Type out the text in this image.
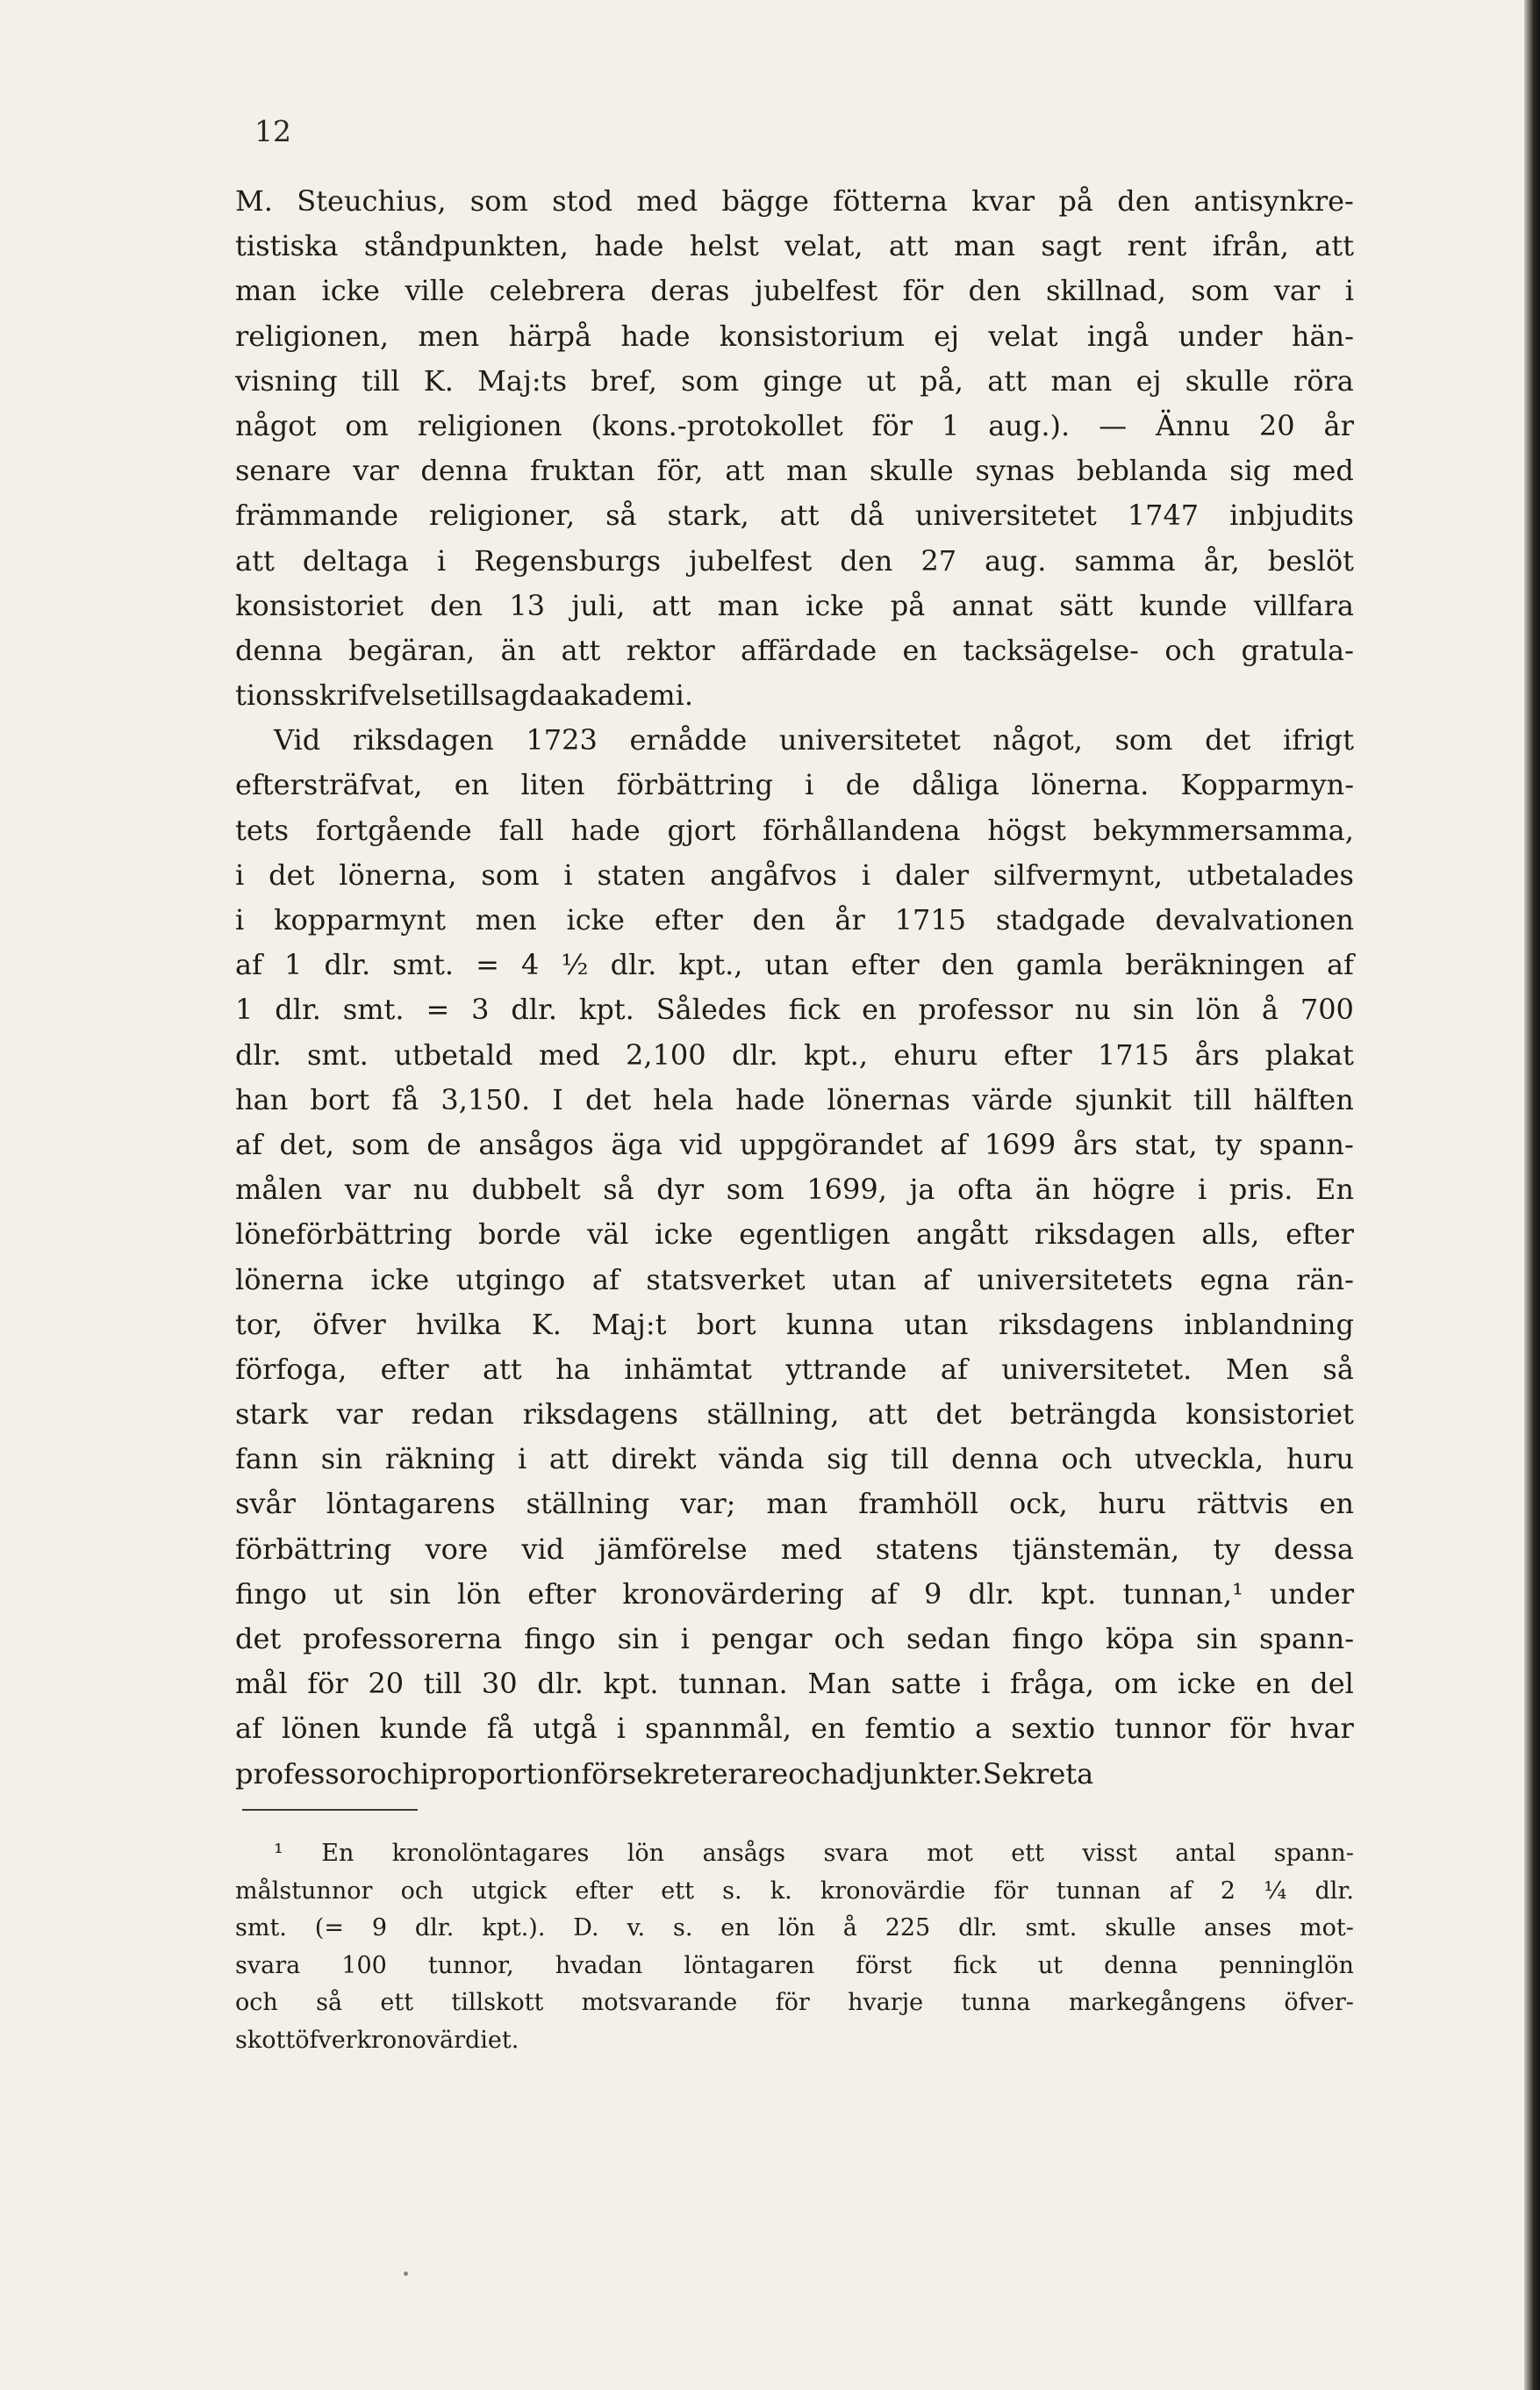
12
M. Steuchius, som stod med bägge fötterna kvar på den antisynkre-
tistiska ståndpunkten, hade helst velat, att man sagt rent ifrån, att
man icke ville celebrera deras jubelfest för den skillnad, som var i
religionen, men härpå hade konsistorium ej velat ingå under hän-
visning till K. Maj:ts bref, som ginge ut på, att man ej skulle röra
något om religionen (kons.-protokollet för 1 aug.). — Ännu 20 år
senare var denna fruktan för, att man skulle synas beblanda sig med
främmande religioner, så stark, att då universitetet 1747 inbjudits
att deltaga i Regensburgs jubelfest den 27 aug. samma år, beslöt
konsistoriet den 13 juli, att man icke på annat sätt kunde villfara
denna begäran, än att rektor affärdade en tacksägelse- och gratula-
tionsskrifvelse till sagda akademi.
Vid riksdagen 1723 ernådde universitetet något, som det ifrigt
eftersträfvat, en liten förbättring i de dåliga lönerna. Kopparmyn-
tets fortgående fall hade gjort förhållandena högst bekymmersamma,
i det lönerna, som i staten angåfvos i daler silfvermynt, utbetalades
i kopparmynt men icke efter den år 1715 stadgade devalvationen
af 1 dlr. smt. = 4 ½ dlr. kpt., utan efter den gamla beräkningen af
1 dlr. smt. = 3 dlr. kpt. Således fick en professor nu sin lön å 700
dlr. smt. utbetald med 2,100 dlr. kpt., ehuru efter 1715 års plakat
han bort få 3,150. I det hela hade lönernas värde sjunkit till hälften
af det, som de ansågos äga vid uppgörandet af 1699 års stat, ty spann-
målen var nu dubbelt så dyr som 1699, ja ofta än högre i pris. En
löneförbättring borde väl icke egentligen angått riksdagen alls, efter
lönerna icke utgingo af statsverket utan af universitetets egna rän-
tor, öfver hvilka K. Maj:t bort kunna utan riksdagens inblandning
förfoga, efter att ha inhämtat yttrande af universitetet. Men så
stark var redan riksdagens ställning, att det beträngda konsistoriet
fann sin räkning i att direkt vända sig till denna och utveckla, huru
svår löntagarens ställning var; man framhöll ock, huru rättvis en
förbättring vore vid jämförelse med statens tjänstemän, ty dessa
fingo ut sin lön efter kronovärdering af 9 dlr. kpt. tunnan,¹ under
det professorerna fingo sin i pengar och sedan fingo köpa sin spann-
mål för 20 till 30 dlr. kpt. tunnan. Man satte i fråga, om icke en del
af lönen kunde få utgå i spannmål, en femtio a sextio tunnor för hvar
professor och i proportion för sekreterare och adjunkter. Sekreta
¹ En kronolöntagares lön ansågs svara mot ett visst antal spann-
målstunnor och utgick efter ett s. k. kronovärdie för tunnan af 2 ¼ dlr.
smt. (= 9 dlr. kpt.). D. v. s. en lön å 225 dlr. smt. skulle anses mot-
svara 100 tunnor, hvadan löntagaren först fick ut denna penninglön
och så ett tillskott motsvarande för hvarje tunna markegångens öfver-
skott öfver kronovärdiet.
